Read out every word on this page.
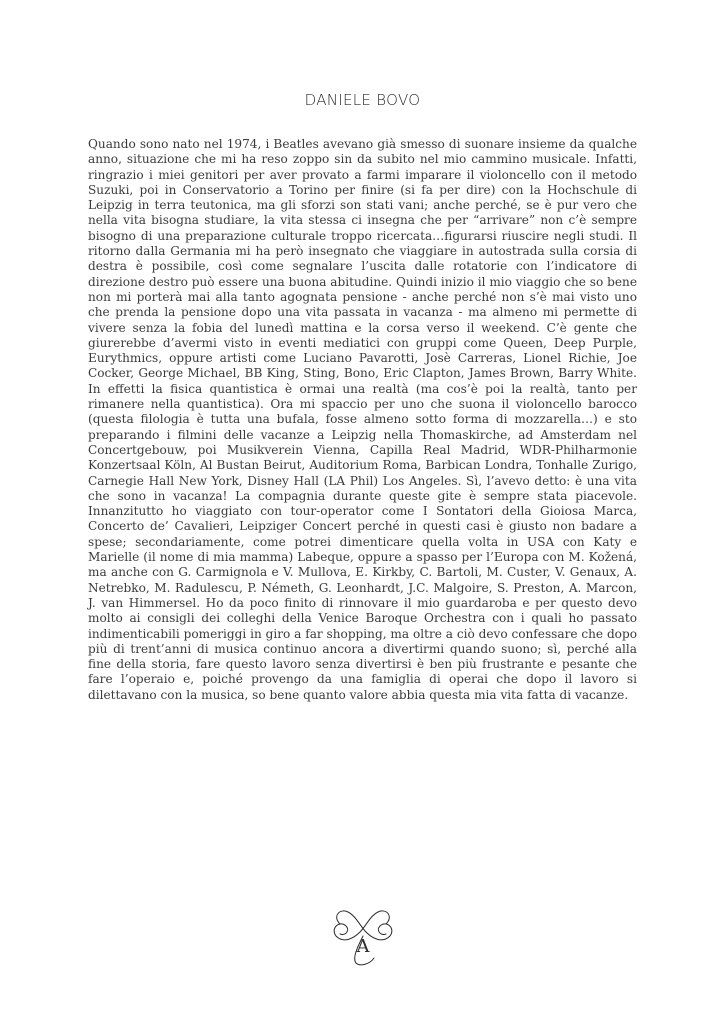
DANIELE BOVO

Quando sono nato nel 1974, i Beatles avevano già smesso di suonare insieme da qualche anno, situazione che mi ha reso zoppo sin da subito nel mio cammino musicale. Infatti, ringrazio i miei genitori per aver provato a farmi imparare il violoncello con il metodo Suzuki, poi in Conservatorio a Torino per finire (si fa per dire) con la Hochschule di Leipzig in terra teutonica, ma gli sforzi son stati vani; anche perché, se è pur vero che nella vita bisogna studiare, la vita stessa ci insegna che per “arrivare” non c’è sempre bisogno di una preparazione culturale troppo ricercata…figurarsi riuscire negli studi. Il ritorno dalla Germania mi ha però insegnato che viaggiare in autostrada sulla corsia di destra è possibile, così come segnalare l’uscita dalle rotatorie con l’indicatore di direzione destro può essere una buona abitudine. Quindi inizio il mio viaggio che so bene non mi porterà mai alla tanto agognata pensione - anche perché non s’è mai visto uno che prenda la pensione dopo una vita passata in vacanza - ma almeno mi permette di vivere senza la fobia del lunedì mattina e la corsa verso il weekend. C’è gente che giurerebbe d’avermi visto in eventi mediatici con gruppi come Queen, Deep Purple, Eurythmics, oppure artisti come Luciano Pavarotti, Josè Carreras, Lionel Richie, Joe Cocker, George Michael, BB King, Sting, Bono, Eric Clapton, James Brown, Barry White. In effetti la fisica quantistica è ormai una realtà (ma cos’è poi la realtà, tanto per rimanere nella quantistica). Ora mi spaccio per uno che suona il violoncello barocco (questa filologia è tutta una bufala, fosse almeno sotto forma di mozzarella…) e sto preparando i filmini delle vacanze a Leipzig nella Thomaskirche, ad Amsterdam nel Concertgebouw, poi Musikverein Vienna, Capilla Real Madrid, WDR-Philharmonie Konzertsaal Köln, Al Bustan Beirut, Auditorium Roma, Barbican Londra, Tonhalle Zurigo, Carnegie Hall New York, Disney Hall (LA Phil) Los Angeles. Sì, l’avevo detto: è una vita che sono in vacanza! La compagnia durante queste gite è sempre stata piacevole. Innanzitutto ho viaggiato con tour-operator come I Sontatori della Gioiosa Marca, Concerto de’ Cavalieri, Leipziger Concert perché in questi casi è giusto non badare a spese; secondariamente, come potrei dimenticare quella volta in USA con Katy e Marielle (il nome di mia mamma) Labeque, oppure a spasso per l’Europa con M. Kožená, ma anche con G. Carmignola e V. Mullova, E. Kirkby, C. Bartoli, M. Custer, V. Genaux, A. Netrebko, M. Radulescu, P. Németh, G. Leonhardt, J.C. Malgoire, S. Preston, A. Marcon, J. van Himmersel. Ho da poco finito di rinnovare il mio guardaroba e per questo devo molto ai consigli dei colleghi della Venice Baroque Orchestra con i quali ho passato indimenticabili pomeriggi in giro a far shopping, ma oltre a ciò devo confessare che dopo più di trent’anni di musica continuo ancora a divertirmi quando suono; sì, perché alla fine della storia, fare questo lavoro senza divertirsi è ben più frustrante e pesante che fare l’operaio e, poiché provengo da una famiglia di operai che dopo il lavoro si dilettavano con la musica, so bene quanto valore abbia questa mia vita fatta di vacanze.

A
